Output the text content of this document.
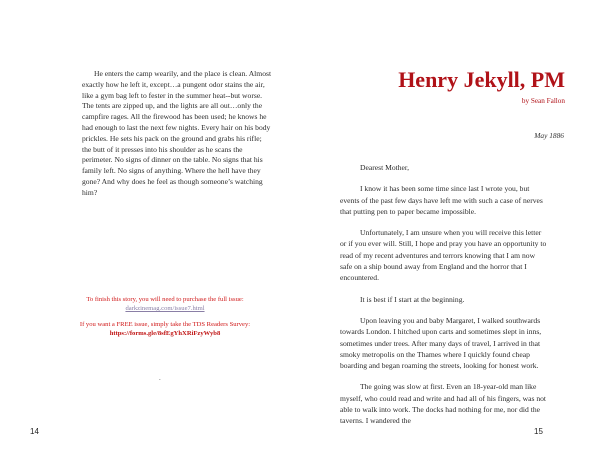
He enters the camp wearily, and the place is clean. Almost exactly how he left it, except…a pungent odor stains the air, like a gym bag left to fester in the summer heat--but worse. The tents are zipped up, and the lights are all out…only the campfire rages. All the firewood has been used; he knows he had enough to last the next few nights. Every hair on his body prickles. He sets his pack on the ground and grabs his rifle; the butt of it presses into his shoulder as he scans the perimeter. No signs of dinner on the table. No signs that his family left. No signs of anything. Where the hell have they gone? And why does he feel as though someone’s watching him?

To finish this story, you will need to purchase the full issue: darkzinemag.com/issue7.html

If you want a FREE issue, simply take the TDS Readers Survey:
https://forms.gle/8sfEgYhXRiFzyWyb8

.
14
Henry Jekyll, PM

by Sean Fallon

May 1886

Dearest Mother,

I know it has been some time since last I wrote you, but events of the past few days have left me with such a case of nerves that putting pen to paper became impossible.

Unfortunately, I am unsure when you will receive this letter or if you ever will. Still, I hope and pray you have an opportunity to read of my recent adventures and terrors knowing that I am now safe on a ship bound away from England and the horror that I encountered.

It is best if I start at the beginning.

Upon leaving you and baby Margaret, I walked southwards towards London. I hitched upon carts and sometimes slept in inns, sometimes under trees. After many days of travel, I arrived in that smoky metropolis on the Thames where I quickly found cheap boarding and began roaming the streets, looking for honest work.

The going was slow at first. Even an 18-year-old man like myself, who could read and write and had all of his fingers, was not able to walk into work. The docks had nothing for me, nor did the taverns. I wandered the

15
